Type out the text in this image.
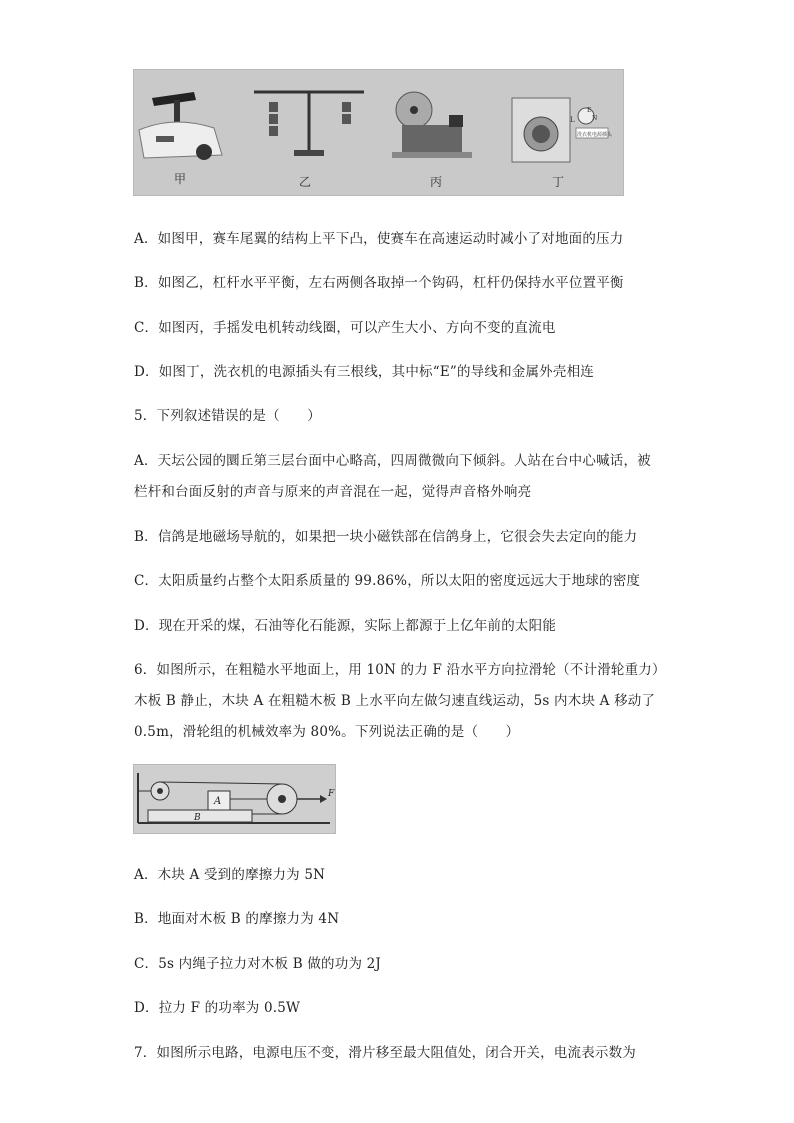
L
E
N
洗衣机电源插头
甲	乙	丙	丁
A．如图甲，赛车尾翼的结构上平下凸，使赛车在高速运动时减小了对地面的压力
B．如图乙，杠杆水平平衡，左右两侧各取掉一个钩码，杠杆仍保持水平位置平衡
C．如图丙，手摇发电机转动线圈，可以产生大小、方向不变的直流电
D．如图丁，洗衣机的电源插头有三根线，其中标“E”的导线和金属外壳相连
5．下列叙述错误的是（　　）
A．天坛公园的圜丘第三层台面中心略高，四周微微向下倾斜。人站在台中心喊话，被
栏杆和台面反射的声音与原来的声音混在一起，觉得声音格外响亮
B．信鸽是地磁场导航的，如果把一块小磁铁部在信鸽身上，它很会失去定向的能力
C．太阳质量约占整个太阳系质量的 99.86%，所以太阳的密度远远大于地球的密度
D．现在开采的煤，石油等化石能源，实际上都源于上亿年前的太阳能
6．如图所示，在粗糙水平地面上，用 10N 的力 F 沿水平方向拉滑轮（不计滑轮重力）
木板 B 静止，木块 A 在粗糙木板 B 上水平向左做匀速直线运动，5s 内木块 A 移动了
0.5m，滑轮组的机械效率为 80%。下列说法正确的是（　　）
A
B
F
A．木块 A 受到的摩擦力为 5N
B．地面对木板 B 的摩擦力为 4N
C．5s 内绳子拉力对木板 B 做的功为 2J
D．拉力 F 的功率为 0.5W
7．如图所示电路，电源电压不变，滑片移至最大阻值处，闭合开关，电流表示数为
